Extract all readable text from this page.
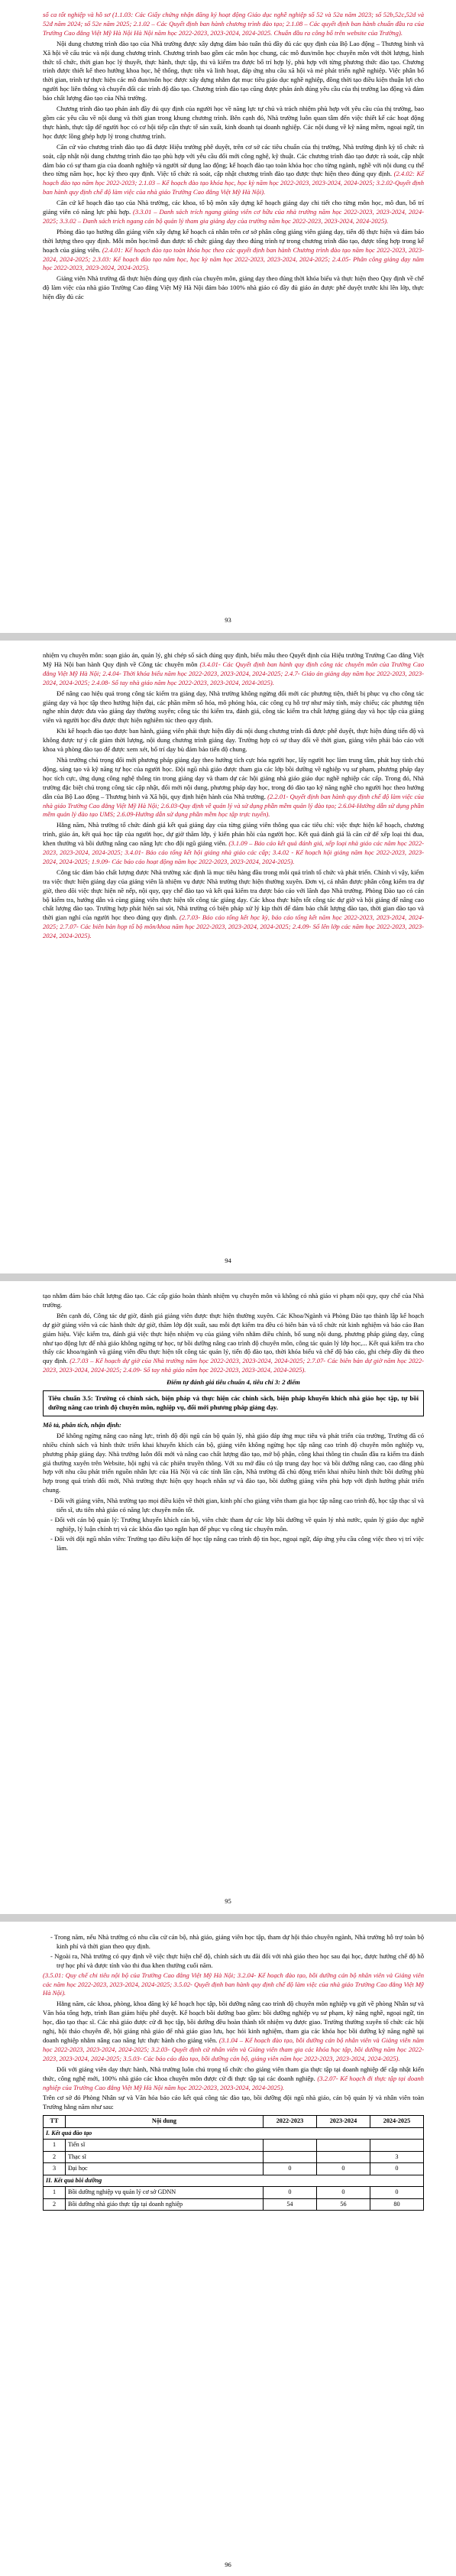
số ca tốt nghiệp và hồ sơ (1.1.03: Các Giấy chứng nhận đăng ký hoạt động Giáo dục nghề nghiệp số 52 và 52a năm 2023; số 52b,52c,52d và 52đ năm 2024; số 52e năm 2025; 2.1.02 – Các Quyết định ban hành chương trình đào tạo; 2.1.08 – Các quyết định ban hành chuẩn đầu ra của Trường Cao đẳng Việt Mỹ Hà Nội Hà Nội năm học 2022-2023, 2023-2024, 2024-2025. Chuẩn đầu ra công bố trên website của Trường).

Nội dung chương trình đào tạo của Nhà trường được xây dựng đảm bảo tuân thủ đầy đủ các quy định của Bộ Lao động – Thương binh và Xã hội về cấu trúc và nội dung chương trình. Chương trình bao gồm các môn học chung, các mô đun/môn học chuyên môn với thời lượng, hình thức tổ chức, thời gian học lý thuyết, thực hành, thực tập, thi và kiểm tra được bố trí hợp lý, phù hợp với từng phương thức đào tạo. Chương trình được thiết kế theo hướng khoa học, hệ thống, thực tiễn và linh hoạt, đáp ứng nhu cầu xã hội và mẻ phát triển nghề nghiệp. Việc phân bổ thời gian, trình tự thực hiện các mô đun/môn học được xây dựng nhằm đạt mục tiêu giáo dục nghề nghiệp, đồng thời tạo điều kiện thuận lợi cho người học liên thông và chuyển đổi các trình độ đào tạo. Chương trình đào tạo cũng được phản ánh đúng yêu cầu của thị trường lao động và đảm bảo chất lượng đào tạo của Nhà trường.

Chương trình đào tạo phản ánh đầy đủ quy định của người học về năng lực tự chủ và trách nhiệm phù hợp với yêu cầu của thị trường, bao gồm các yêu cầu về nội dung và thời gian trong khung chương trình. Bên cạnh đó, Nhà trường luôn quan tâm đến việc thiết kế các hoạt động thực hành, thực tập để người học có cơ hội tiếp cận thực tế sản xuất, kinh doanh tại doanh nghiệp. Các nội dung về kỹ năng mềm, ngoại ngữ, tin học được lồng ghép hợp lý trong chương trình.

Căn cứ vào chương trình đào tạo đã được Hiệu trưởng phê duyệt, trên cơ sở các tiêu chuẩn của thị trường, Nhà trường định kỳ tổ chức rà soát, cập nhật nội dung chương trình đào tạo phù hợp với yêu cầu đổi mới công nghệ, kỹ thuật. Các chương trình đào tạo được rà soát, cập nhật đảm bảo có sự tham gia của doanh nghiệp và người sử dụng lao động; kế hoạch đào tạo toàn khóa học cho từng ngành, nghề với nội dung cụ thể theo từng năm học, học kỳ theo quy định. Việc tổ chức rà soát, cập nhật chương trình đào tạo được thực hiện theo đúng quy định. (2.4.02: Kế hoạch đào tạo năm học 2022-2023; 2.1.03 – Kế hoạch đào tạo khóa học, học kỳ năm học 2022-2023, 2023-2024, 2024-2025; 3.2.02-Quyết định ban hành quy định chế độ làm việc của nhà giáo Trường Cao đẳng Việt Mỹ Hà Nội).

Căn cứ kế hoạch đào tạo của Nhà trường, các khoa, tổ bộ môn xây dựng kế hoạch giảng dạy chi tiết cho từng môn học, mô đun, bố trí giảng viên có năng lực phù hợp. (3.3.01 – Danh sách trích ngang giảng viên cơ hữu của nhà trường năm học 2022-2023, 2023-2024, 2024-2025; 3.3.02 – Danh sách trích ngang cán bộ quản lý tham gia giảng dạy của trường năm học 2022-2023, 2023-2024, 2024-2025).

Phòng đào tạo hướng dẫn giảng viên xây dựng kế hoạch cá nhân trên cơ sở phân công giảng viên giảng dạy, tiến độ thực hiện và đảm bảo thời lượng theo quy định. Mỗi môn học/mô đun được tổ chức giảng dạy theo đúng trình tự trong chương trình đào tạo, được tổng hợp trong kế hoạch của giảng viên. (2.4.01: Kế hoạch đào tạo toàn khóa học theo các quyết định ban hành Chương trình đào tạo năm học 2022-2023, 2023-2024, 2024-2025; 2.3.03: Kế hoạch đào tạo năm học, học kỳ năm học 2022-2023, 2023-2024, 2024-2025; 2.4.05- Phân công giảng dạy năm học 2022-2023, 2023-2024, 2024-2025).

Giảng viên Nhà trường đã thực hiện đúng quy định của chuyên môn, giảng dạy theo đúng thời khóa biểu và thực hiện theo Quy định về chế độ làm việc của nhà giáo Trường Cao đẳng Việt Mỹ Hà Nội đảm bảo 100% nhà giáo có đầy đủ giáo án được phê duyệt trước khi lên lớp, thực hiện đầy đủ các

93

nhiệm vụ chuyên môn: soạn giáo án, quản lý, ghi chép sổ sách đúng quy định, biểu mẫu theo Quyết định của Hiệu trưởng Trường Cao đẳng Việt Mỹ Hà Nội ban hành Quy định về Công tác chuyên môn (3.4.01- Các Quyết định ban hành quy định công tác chuyên môn của Trường Cao đẳng Việt Mỹ Hà Nội; 2.4.04- Thời khóa biểu năm học 2022-2023, 2023-2024, 2024-2025; 2.4.7- Giáo án giảng dạy năm học 2022-2023, 2023-2024, 2024-2025; 2.4.08- Sổ tay nhà giáo năm học 2022-2023, 2023-2024, 2024-2025).

Để nâng cao hiệu quả trong công tác kiểm tra giảng dạy, Nhà trường không ngừng đổi mới các phương tiện, thiết bị phục vụ cho công tác giảng dạy và học tập theo hướng hiện đại, các phần mềm số hóa, mô phỏng hóa, các công cụ hỗ trợ như máy tính, máy chiếu; các phương tiện nghe nhìn được đưa vào giảng dạy thường xuyên; công tác thi kiểm tra, đánh giá, công tác kiểm tra chất lượng giảng dạy và học tập của giảng viên và người học đều được thực hiện nghiêm túc theo quy định.

Khi kế hoạch đào tạo được ban hành, giảng viên phải thực hiện đầy đủ nội dung chương trình đã được phê duyệt, thực hiện đúng tiến độ và không được tự ý cắt giảm thời lượng, nội dung chương trình giảng dạy. Trường hợp có sự thay đổi về thời gian, giảng viên phải báo cáo với khoa và phòng đào tạo để được xem xét, bố trí dạy bù đảm bảo tiến độ chung.

Nhà trường chú trọng đổi mới phương pháp giảng dạy theo hướng tích cực hóa người học, lấy người học làm trung tâm, phát huy tính chủ động, sáng tạo và kỹ năng tự học của người học. Đội ngũ nhà giáo được tham gia các lớp bồi dưỡng về nghiệp vụ sư phạm, phương pháp dạy học tích cực, ứng dụng công nghệ thông tin trong giảng dạy và tham dự các hội giảng nhà giáo giáo dục nghề nghiệp các cấp. Trong đó, Nhà trường đặc biệt chú trọng công tác cập nhật, đổi mới nội dung, phương pháp dạy học, trong đó đào tạo kỹ năng nghề cho người học theo hướng dẫn của Bộ Lao động – Thương binh và Xã hội, quy định hiện hành của Nhà trường. (2.2.01- Quyết định ban hành quy định chế độ làm việc của nhà giáo Trường Cao đẳng Việt Mỹ Hà Nội; 2.6.03-Quy định về quản lý và sử dụng phần mềm quản lý đào tạo; 2.6.04-Hướng dẫn sử dụng phần mềm quản lý đào tạo UMS; 2.6.09-Hướng dẫn sử dụng phần mềm học tập trực tuyến).

Hằng năm, Nhà trường tổ chức đánh giá kết quả giảng dạy của từng giảng viên thông qua các tiêu chí: việc thực hiện kế hoạch, chương trình, giáo án, kết quả học tập của người học, dự giờ thăm lớp, ý kiến phản hồi của người học. Kết quả đánh giá là căn cứ để xếp loại thi đua, khen thưởng và bồi dưỡng nâng cao năng lực cho đội ngũ giảng viên. (3.1.09 – Báo cáo kết quả đánh giá, xếp loại nhà giáo các năm học 2022-2023, 2023-2024, 2024-2025; 3.4.01- Báo cáo tổng kết hội giảng nhà giáo các cấp; 3.4.02 - Kế hoạch hội giảng năm học 2022-2023, 2023-2024, 2024-2025; 1.9.09- Các báo cáo hoạt động năm học 2022-2023, 2023-2024, 2024-2025).

Công tác đảm bảo chất lượng được Nhà trường xác định là mục tiêu hàng đầu trong mỗi quá trình tổ chức và phát triển. Chính vì vậy, kiểm tra việc thực hiện giảng dạy của giảng viên là nhiệm vụ được Nhà trường thực hiện thường xuyên. Đơn vị, cá nhân được phân công kiểm tra dự giờ, theo dõi việc thực hiện nề nếp, nội quy, quy chế đào tạo và kết quả kiểm tra được báo cáo với lãnh đạo Nhà trường. Phòng Đào tạo có cán bộ kiểm tra, hướng dẫn và cùng giảng viên thực hiện tốt công tác giảng dạy. Các khoa thực hiện tốt công tác dự giờ và hội giảng để nâng cao chất lượng đào tạo. Trường hợp phát hiện sai sót, Nhà trường có biện pháp xử lý kịp thời để đảm bảo chất lượng đào tạo, thời gian đào tạo và thời gian nghỉ của người học theo đúng quy định. (2.7.03- Báo cáo tổng kết học kỳ, báo cáo tổng kết năm học 2022-2023, 2023-2024, 2024-2025; 2.7.07- Các biên bản họp tổ bộ môn/khoa năm học 2022-2023, 2023-2024, 2024-2025; 2.4.09- Sổ lên lớp các năm học 2022-2023, 2023-2024, 2024-2025).

94

tạo nhằm đảm bảo chất lượng đào tạo. Các cấp giáo hoàn thành nhiệm vụ chuyên môn và không có nhà giáo vi phạm nội quy, quy chế của Nhà trường.

Bên cạnh đó, Công tác dự giờ, đánh giá giảng viên được thực hiện thường xuyên. Các Khoa/Ngành và Phòng Đào tạo thành lập kế hoạch dự giờ giảng viên và các hành thức dự giờ, thăm lớp đột xuất, sau mỗi đợt kiểm tra đều có biên bản và tổ chức rút kinh nghiệm và báo cáo Ban giám hiệu. Việc kiểm tra, đánh giá việc thực hiện nhiệm vụ của giảng viên nhằm điều chỉnh, bổ sung nội dung, phương pháp giảng dạy, cũng như tạo động lực để nhà giáo không ngừng tự học, tự bồi dưỡng nâng cao trình độ chuyên môn, công tác quản lý lớp học,... Kết quả kiểm tra cho thấy các khoa/ngành và giảng viên đều thực hiện tốt công tác quản lý, tiến độ đào tạo, thời khóa biểu và chế độ báo cáo, ghi chép đầy đủ theo quy định. (2.7.03 – Kế hoạch dự giờ của Nhà trường năm học 2022-2023, 2023-2024, 2024-2025; 2.7.07- Các biên bản dự giờ năm học 2022-2023, 2023-2024, 2024-2025; 2.4.09- Sổ tay nhà giáo năm học 2022-2023, 2023-2024, 2024-2025).

Điểm tự đánh giá tiêu chuẩn 4, tiêu chí 3: 2 điểm

Tiêu chuẩn 3.5: Trường có chính sách, biện pháp và thực hiện các chính sách, biện pháp khuyến khích nhà giáo học tập, tự bồi dưỡng nâng cao trình độ chuyên môn, nghiệp vụ, đổi mới phương pháp giảng dạy.

Mô tả, phân tích, nhận định:

Để không ngừng nâng cao năng lực, trình độ đội ngũ cán bộ quản lý, nhà giáo đáp ứng mục tiêu và phát triển của trường, Trường đã có nhiều chính sách và hình thức triển khai khuyến khích cán bộ, giảng viên không ngừng học tập nâng cao trình độ chuyên môn nghiệp vụ, phương pháp giảng dạy. Nhà trường luôn đối mới và nâng cao chất lượng đào tạo, mở bộ phận, công khai thông tin chuẩn đầu ra kiểm tra đánh giá thường xuyên trên Website, hội nghị và các phiên truyền thông. Với xu mở đầu có tập trung dạy học và bồi dưỡng nâng cao, cao đẳng phù hợp với nhu cầu phát triển nguồn nhân lực của Hà Nội và các tỉnh lân cận, Nhà trường đã chủ động triển khai nhiều hình thức bồi dưỡng phù hợp trong quá trình đổi mới, Nhà trường thực hiện quy hoạch nhân sự và đào tạo, bồi dưỡng giảng viên phù hợp với định hướng phát triển chung.

- Đối với giảng viên, Nhà trường tạo mọi điều kiện về thời gian, kinh phí cho giảng viên tham gia học tập nâng cao trình độ, học tập thạc sĩ và tiến sĩ, ưu tiên nhà giáo có năng lực chuyên môn tốt.
- Đối với cán bộ quản lý: Trường khuyến khích cán bộ, viên chức tham dự các lớp bồi dưỡng về quản lý nhà nước, quản lý giáo dục nghề nghiệp, lý luận chính trị và các khóa đào tạo ngắn hạn để phục vụ công tác chuyên môn.
- Đối với đội ngũ nhân viên: Trường tạo điều kiện để học tập nâng cao trình độ tin học, ngoại ngữ, đáp ứng yêu cầu công việc theo vị trí việc làm.

95
- Trong năm, nếu Nhà trường có nhu cầu cử cán bộ, nhà giáo, giảng viên học tập, tham dự hội thảo chuyên ngành, Nhà trường hỗ trợ toàn bộ kinh phí và thời gian theo quy định.
- Ngoài ra, Nhà trường có quy định về việc thực hiện chế độ, chính sách ưu đãi đối với nhà giáo theo học sau đại học, được hưởng chế độ hỗ trợ học phí và được tính vào thi đua khen thưởng cuối năm.

(3.5.01: Quy chế chi tiêu nội bộ của Trường Cao đẳng Việt Mỹ Hà Nội; 3.2.04- Kế hoạch đào tạo, bồi dưỡng cán bộ nhân viên và Giảng viên các năm học 2022-2023, 2023-2024, 2024-2025; 3.5.02- Quyết định ban hành quy định chế độ làm việc của nhà giáo Trường Cao đẳng Việt Mỹ Hà Nội).

Hằng năm, các khoa, phòng, khoa đăng ký kế hoạch học tập, bồi dưỡng nâng cao trình độ chuyên môn nghiệp vụ gửi về phòng Nhân sự và Văn hóa tổng hợp, trình Ban giám hiệu phê duyệt. Kế hoạch bồi dưỡng bao gồm: bồi dưỡng nghiệp vụ sư phạm, kỹ năng nghề, ngoại ngữ, tin học, đào tạo thạc sĩ. Các nhà giáo được cử đi học tập, bồi dưỡng đều hoàn thành tốt nhiệm vụ được giao. Trường thường xuyên tổ chức các hội nghị, hội thảo chuyên đề, hội giảng nhà giáo để nhà giáo giao lưu, học hỏi kinh nghiệm, tham gia các khóa học bồi dưỡng kỹ năng nghề tại doanh nghiệp nhằm nâng cao năng lực thực hành cho giảng viên. (3.1.04 – Kế hoạch đào tạo, bồi dưỡng cán bộ nhân viên và Giảng viên năm học 2022-2023, 2023-2024, 2024-2025; 3.2.03- Quyết định cử nhân viên và Giảng viên tham gia các khóa học tập, bồi dưỡng năm học 2022-2023, 2023-2024, 2024-2025; 3.5.03- Các báo cáo đào tạo, bồi dưỡng cán bộ, giảng viên năm học 2022-2023, 2023-2024, 2024-2025).

Đối với giảng viên dạy thực hành, Nhà trường luôn chú trọng tổ chức cho giảng viên tham gia thực tập tại doanh nghiệp để cập nhật kiến thức, công nghệ mới, 100% nhà giáo các khoa chuyên môn được cử đi thực tập tại các doanh nghiệp. (3.2.07- Kế hoạch đi thực tập tại doanh nghiệp của Trường Cao đẳng Việt Mỹ Hà Nội năm học 2022-2023, 2023-2024, 2024-2025).

Trên cơ sở đó Phòng Nhân sự và Văn hóa báo cáo kết quả công tác đào tạo, bồi dưỡng đội ngũ nhà giáo, cán bộ quản lý và nhân viên toàn Trường hằng năm như sau:

TT	Nội dung	2022-2023	2023-2024	2024-2025
I. Kết quả đào tạo				
1	Tiến sĩ			
2	Thạc sĩ			3
3	Đại học	0	0	0
II. Kết quả bồi dưỡng				
1	Bồi dưỡng nghiệp vụ quản lý cơ sở GDNN	0	0	0
2	Bồi dưỡng nhà giáo thực tập tại doanh nghiệp	54	56	80
96
